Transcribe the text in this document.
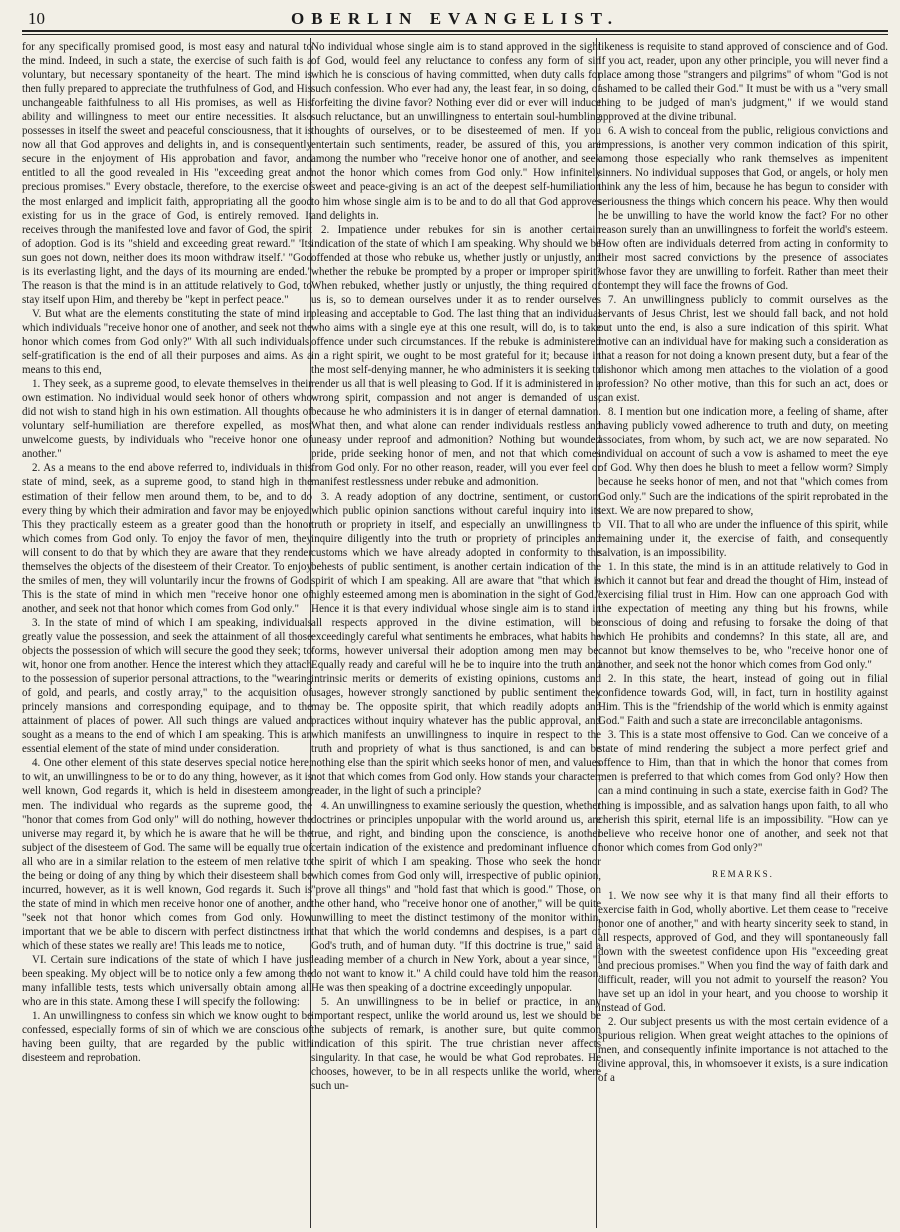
10	OBERLIN EVANGELIST.

for any specifically promised good, is most easy and natural to the mind. Indeed, in such a state, the exercise of such faith is a voluntary, but necessary spontaneity of the heart. The mind is then fully prepared to appreciate the truthfulness of God, and His unchangeable faithfulness to all His promises, as well as His ability and willingness to meet our entire necessities. It also possesses in itself the sweet and peaceful consciousness, that it is now all that God approves and delights in, and is consequently secure in the enjoyment of His approbation and favor, and entitled to all the good revealed in His "exceeding great and precious promises." Every obstacle, therefore, to the exercise of the most enlarged and implicit faith, appropriating all the good existing for us in the grace of God, is entirely removed. It receives through the manifested love and favor of God, the spirit of adoption. God is its "shield and exceeding great reward." 'Its sun goes not down, neither does its moon withdraw itself.' "God is its everlasting light, and the days of its mourning are ended." The reason is that the mind is in an attitude relatively to God, to stay itself upon Him, and thereby be "kept in perfect peace."

V. But what are the elements constituting the state of mind in which individuals "receive honor one of another, and seek not the honor which comes from God only?" With all such individuals, self-gratification is the end of all their purposes and aims. As a means to this end,

1. They seek, as a supreme good, to elevate themselves in their own estimation. No individual would seek honor of others who did not wish to stand high in his own estimation. All thoughts of voluntary self-humiliation are therefore expelled, as most unwelcome guests, by individuals who "receive honor one of another."

2. As a means to the end above referred to, individuals in this state of mind, seek, as a supreme good, to stand high in the estimation of their fellow men around them, to be, and to do every thing by which their admiration and favor may be enjoyed. This they practically esteem as a greater good than the honor which comes from God only. To enjoy the favor of men, they will consent to do that by which they are aware that they render themselves the objects of the disesteem of their Creator. To enjoy the smiles of men, they will voluntarily incur the frowns of God. This is the state of mind in which men "receive honor one of another, and seek not that honor which comes from God only."

3. In the state of mind of which I am speaking, individuals greatly value the possession, and seek the attainment of all those objects the possession of which will secure the good they seek; to wit, honor one from another. Hence the interest which they attach to the possession of superior personal attractions, to the "wearing of gold, and pearls, and costly array," to the acquisition of princely mansions and corresponding equipage, and to the attainment of places of power. All such things are valued and sought as a means to the end of which I am speaking. This is an essential element of the state of mind under consideration.

4. One other element of this state deserves special notice here; to wit, an unwillingness to be or to do any thing, however, as it is well known, God regards it, which is held in disesteem among men. The individual who regards as the supreme good, the "honor that comes from God only" will do nothing, however the universe may regard it, by which he is aware that he will be the subject of the disesteem of God. The same will be equally true of all who are in a similar relation to the esteem of men relative to the being or doing of any thing by which their disesteem shall be incurred, however, as it is well known, God regards it. Such is the state of mind in which men receive honor one of another, and "seek not that honor which comes from God only. How important that we be able to discern with perfect distinctness in which of these states we really are! This leads me to notice,

VI. Certain sure indications of the state of which I have just been speaking. My object will be to notice only a few among the many infallible tests, tests which universally obtain among all who are in this state. Among these I will specify the following:

1. An unwillingness to confess sin which we know ought to be confessed, especially forms of sin of which we are conscious of having been guilty, that are regarded by the public with disesteem and reprobation.

No individual whose single aim is to stand approved in the sight of God, would feel any reluctance to confess any form of sin which he is conscious of having committed, when duty calls for such confession. Who ever had any, the least fear, in so doing, of forfeiting the divine favor? Nothing ever did or ever will induce such reluctance, but an unwillingness to entertain soul-humbling thoughts of ourselves, or to be disesteemed of men. If you entertain such sentiments, reader, be assured of this, you are among the number who "receive honor one of another, and seek not the honor which comes from God only." How infinitely sweet and peace-giving is an act of the deepest self-humiliation to him whose single aim is to be and to do all that God approves and delights in.

2. Impatience under rebukes for sin is another certain indication of the state of which I am speaking. Why should we be offended at those who rebuke us, whether justly or unjustly, and whether the rebuke be prompted by a proper or improper spirit? When rebuked, whether justly or unjustly, the thing required of us is, so to demean ourselves under it as to render ourselves pleasing and acceptable to God. The last thing that an individual who aims with a single eye at this one result, will do, is to take offence under such circumstances. If the rebuke is administered in a right spirit, we ought to be most grateful for it; because in the most self-denying manner, he who administers it is seeking to render us all that is well pleasing to God. If it is administered in a wrong spirit, compassion and not anger is demanded of us; because he who administers it is in danger of eternal damnation. What then, and what alone can render individuals restless and uneasy under reproof and admonition? Nothing but wounded pride, pride seeking honor of men, and not that which comes from God only. For no other reason, reader, will you ever feel or manifest restlessness under rebuke and admonition.

3. A ready adoption of any doctrine, sentiment, or custom which public opinion sanctions without careful inquiry into its truth or propriety in itself, and especially an unwillingness to inquire diligently into the truth or propriety of principles and customs which we have already adopted in conformity to the behests of public sentiment, is another certain indication of the spirit of which I am speaking. All are aware that "that which is highly esteemed among men is abomination in the sight of God." Hence it is that every individual whose single aim is to stand in all respects approved in the divine estimation, will be exceedingly careful what sentiments he embraces, what habits he forms, however universal their adoption among men may be. Equally ready and careful will he be to inquire into the truth and intrinsic merits or demerits of existing opinions, customs and usages, however strongly sanctioned by public sentiment they may be. The opposite spirit, that which readily adopts and practices without inquiry whatever has the public approval, and which manifests an unwillingness to inquire in respect to the truth and propriety of what is thus sanctioned, is and can be nothing else than the spirit which seeks honor of men, and values not that which comes from God only. How stands your character, reader, in the light of such a principle?

4. An unwillingness to examine seriously the question, whether doctrines or principles unpopular with the world around us, are true, and right, and binding upon the conscience, is another certain indication of the existence and predominant influence of the spirit of which I am speaking. Those who seek the honor which comes from God only will, irrespective of public opinion, "prove all things" and "hold fast that which is good." Those, on the other hand, who "receive honor one of another," will be quite unwilling to meet the distinct testimony of the monitor within, that that which the world condemns and despises, is a part of God's truth, and of human duty. "If this doctrine is true," said a leading member of a church in New York, about a year since, "I do not want to know it." A child could have told him the reason. He was then speaking of a doctrine exceedingly unpopular.

5. An unwillingness to be in belief or practice, in any important respect, unlike the world around us, lest we should be the subjects of remark, is another sure, but quite common indication of this spirit. The true christian never affects singularity. In that case, he would be what God reprobates. He chooses, however, to be in all respects unlike the world, where such un-

likeness is requisite to stand approved of conscience and of God. If you act, reader, upon any other principle, you will never find a place among those "strangers and pilgrims" of whom "God is not ashamed to be called their God." It must be with us a "very small thing to be judged of man's judgment," if we would stand approved at the divine tribunal.

6. A wish to conceal from the public, religious convictions and impressions, is another very common indication of this spirit, among those especially who rank themselves as impenitent sinners. No individual supposes that God, or angels, or holy men think any the less of him, because he has begun to consider with seriousness the things which concern his peace. Why then would he be unwilling to have the world know the fact? For no other reason surely than an unwillingness to forfeit the world's esteem. How often are individuals deterred from acting in conformity to their most sacred convictions by the presence of associates whose favor they are unwilling to forfeit. Rather than meet their contempt they will face the frowns of God.

7. An unwillingness publicly to commit ourselves as the servants of Jesus Christ, lest we should fall back, and not hold out unto the end, is also a sure indication of this spirit. What motive can an individual have for making such a consideration as that a reason for not doing a known present duty, but a fear of the dishonor which among men attaches to the violation of a good profession? No other motive, than this for such an act, does or can exist.

8. I mention but one indication more, a feeling of shame, after having publicly vowed adherence to truth and duty, on meeting associates, from whom, by such act, we are now separated. No individual on account of such a vow is ashamed to meet the eye of God. Why then does he blush to meet a fellow worm? Simply because he seeks honor of men, and not that "which comes from God only." Such are the indications of the spirit reprobated in the text. We are now prepared to show,

VII. That to all who are under the influence of this spirit, while remaining under it, the exercise of faith, and consequently salvation, is an impossibility.

1. In this state, the mind is in an attitude relatively to God in which it cannot but fear and dread the thought of Him, instead of exercising filial trust in Him. How can one approach God with the expectation of meeting any thing but his frowns, while conscious of doing and refusing to forsake the doing of that which He prohibits and condemns? In this state, all are, and cannot but know themselves to be, who "receive honor one of another, and seek not the honor which comes from God only."

2. In this state, the heart, instead of going out in filial confidence towards God, will, in fact, turn in hostility against Him. This is the "friendship of the world which is enmity against God." Faith and such a state are irreconcilable antagonisms.

3. This is a state most offensive to God. Can we conceive of a state of mind rendering the subject a more perfect grief and offence to Him, than that in which the honor that comes from men is preferred to that which comes from God only? How then can a mind continuing in such a state, exercise faith in God? The thing is impossible, and as salvation hangs upon faith, to all who cherish this spirit, eternal life is an impossibility. "How can ye believe who receive honor one of another, and seek not that honor which comes from God only?"

REMARKS.

1. We now see why it is that many find all their efforts to exercise faith in God, wholly abortive. Let them cease to "receive honor one of another," and with hearty sincerity seek to stand, in all respects, approved of God, and they will spontaneously fall down with the sweetest confidence upon His "exceeding great and precious promises." When you find the way of faith dark and difficult, reader, will you not admit to yourself the reason? You have set up an idol in your heart, and you choose to worship it instead of God.

2. Our subject presents us with the most certain evidence of a spurious religion. When great weight attaches to the opinions of men, and consequently infinite importance is not attached to the divine approval, this, in whomsoever it exists, is a sure indication of a
